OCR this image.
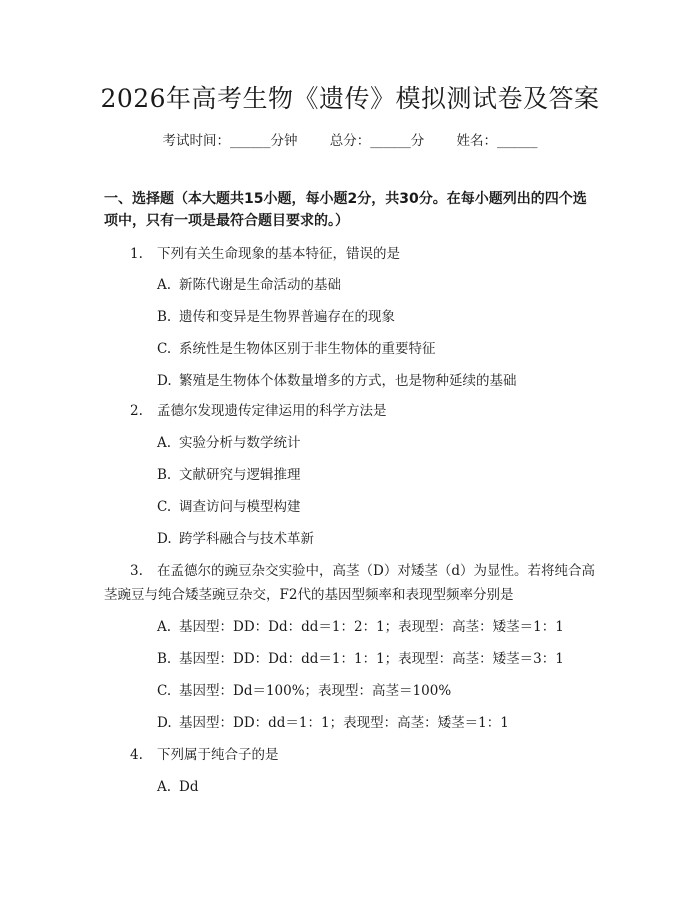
2026年高考生物《遗传》模拟测试卷及答案
考试时间：______分钟 总分：______分 姓名：______
一、选择题（本大题共15小题，每小题2分，共30分。在每小题列出的四个选
项中，只有一项是最符合题目要求的。）
1. 下列有关生命现象的基本特征，错误的是
A. 新陈代谢是生命活动的基础
B. 遗传和变异是生物界普遍存在的现象
C. 系统性是生物体区别于非生物体的重要特征
D. 繁殖是生物体个体数量增多的方式，也是物种延续的基础
2. 孟德尔发现遗传定律运用的科学方法是
A. 实验分析与数学统计
B. 文献研究与逻辑推理
C. 调查访问与模型构建
D. 跨学科融合与技术革新
3. 在孟德尔的豌豆杂交实验中，高茎（D）对矮茎（d）为显性。若将纯合高
茎豌豆与纯合矮茎豌豆杂交，F2代的基因型频率和表现型频率分别是
A. 基因型：DD：Dd：dd＝1：2：1；表现型：高茎：矮茎＝1：1
B. 基因型：DD：Dd：dd＝1：1：1；表现型：高茎：矮茎＝3：1
C. 基因型：Dd＝100%；表现型：高茎＝100%
D. 基因型：DD：dd＝1：1；表现型：高茎：矮茎＝1：1
4. 下列属于纯合子的是
A. Dd
